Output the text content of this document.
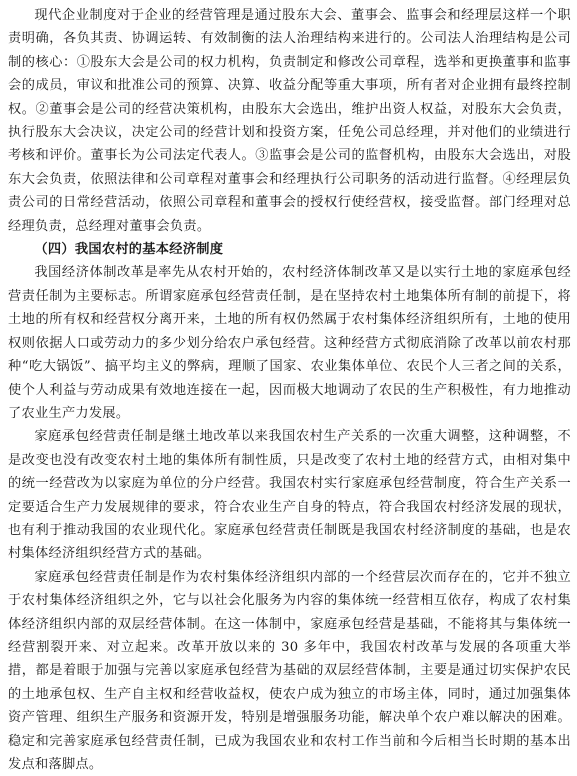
现代企业制度对于企业的经营管理是通过股东大会、董事会、监事会和经理层这样一个职责明确，各负其责、协调运转、有效制衡的法人治理结构来进行的。公司法人治理结构是公司制的核心：①股东大会是公司的权力机构，负责制定和修改公司章程，选举和更换董事和监事会的成员，审议和批准公司的预算、决算、收益分配等重大事项，所有者对企业拥有最终控制权。②董事会是公司的经营决策机构，由股东大会选出，维护出资人权益，对股东大会负责，执行股东大会决议，决定公司的经营计划和投资方案，任免公司总经理，并对他们的业绩进行考核和评价。董事长为公司法定代表人。③监事会是公司的监督机构，由股东大会选出，对股东大会负责，依照法律和公司章程对董事会和经理执行公司职务的活动进行监督。④经理层负责公司的日常经营活动，依照公司章程和董事会的授权行使经营权，接受监督。部门经理对总经理负责，总经理对董事会负责。

（四）我国农村的基本经济制度

我国经济体制改革是率先从农村开始的，农村经济体制改革又是以实行土地的家庭承包经营责任制为主要标志。所谓家庭承包经营责任制，是在坚持农村土地集体所有制的前提下，将土地的所有权和经营权分离开来，土地的所有权仍然属于农村集体经济组织所有，土地的使用权则依据人口或劳动力的多少划分给农户承包经营。这种经营方式彻底消除了改革以前农村那种“吃大锅饭”、搞平均主义的弊病，理顺了国家、农业集体单位、农民个人三者之间的关系，使个人利益与劳动成果有效地连接在一起，因而极大地调动了农民的生产积极性，有力地推动了农业生产力发展。

家庭承包经营责任制是继土地改革以来我国农村生产关系的一次重大调整，这种调整，不是改变也没有改变农村土地的集体所有制性质，只是改变了农村土地的经营方式，由相对集中的统一经营改为以家庭为单位的分户经营。我国农村实行家庭承包经营制度，符合生产关系一定要适合生产力发展规律的要求，符合农业生产自身的特点，符合我国农村经济发展的现状，也有利于推动我国的农业现代化。家庭承包经营责任制既是我国农村经济制度的基础，也是农村集体经济组织经营方式的基础。

家庭承包经营责任制是作为农村集体经济组织内部的一个经营层次而存在的，它并不独立于农村集体经济组织之外，它与以社会化服务为内容的集体统一经营相互依存，构成了农村集体经济组织内部的双层经营体制。在这一体制中，家庭承包经营是基础，不能将其与集体统一经营割裂开来、对立起来。改革开放以来的 30 多年中，我国农村改革与发展的各项重大举措，都是着眼于加强与完善以家庭承包经营为基础的双层经营体制，主要是通过切实保护农民的土地承包权、生产自主权和经营收益权，使农户成为独立的市场主体，同时，通过加强集体资产管理、组织生产服务和资源开发，特别是增强服务功能，解决单个农户难以解决的困难。稳定和完善家庭承包经营责任制，已成为我国农业和农村工作当前和今后相当长时期的基本出发点和落脚点。
